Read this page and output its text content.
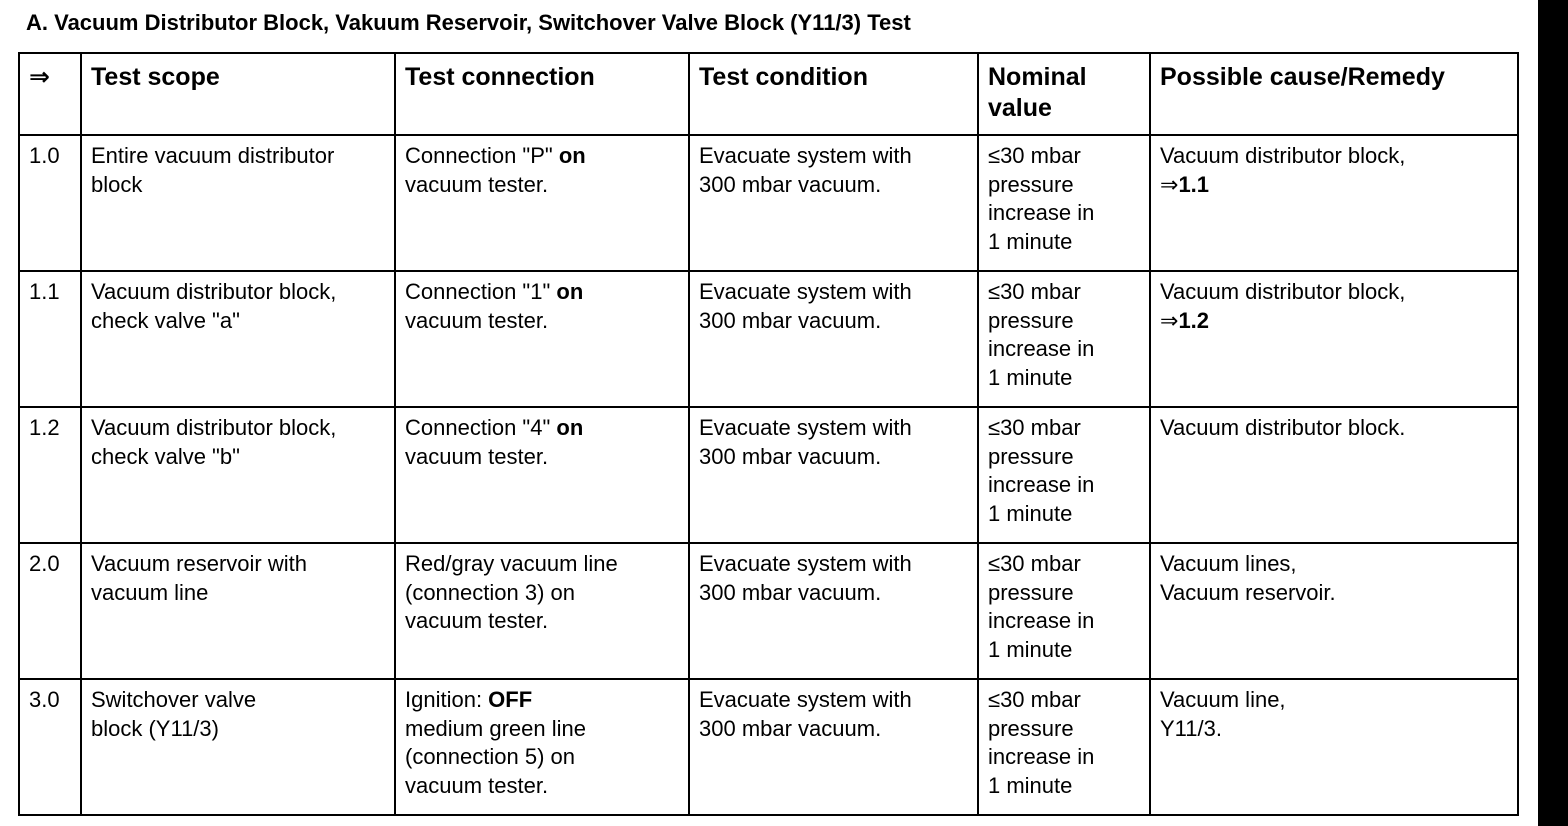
A. Vacuum Distributor Block, Vakuum Reservoir, Switchover Valve Block (Y11/3) Test
⇒	Test scope	Test connection	Test condition	Nominal
value	Possible cause/Remedy
1.0	Entire vacuum distributor
block	Connection "P" on
vacuum tester.	Evacuate system with
300 mbar vacuum.	≤30 mbar
pressure
increase in
1 minute	Vacuum distributor block,
⇒1.1

1.1	Vacuum distributor block,
check valve "a"	Connection "1" on
vacuum tester.	Evacuate system with
300 mbar vacuum.	≤30 mbar
pressure
increase in
1 minute	Vacuum distributor block,
⇒1.2

1.2	Vacuum distributor block,
check valve "b"	Connection "4" on
vacuum tester.	Evacuate system with
300 mbar vacuum.	≤30 mbar
pressure
increase in
1 minute	Vacuum distributor block.

2.0	Vacuum reservoir with
vacuum line	Red/gray vacuum line
(connection 3) on
vacuum tester.	Evacuate system with
300 mbar vacuum.	≤30 mbar
pressure
increase in
1 minute	Vacuum lines,
Vacuum reservoir.

3.0	Switchover valve
block (Y11/3)	Ignition: OFF
medium green line
(connection 5) on
vacuum tester.	Evacuate system with
300 mbar vacuum.	≤30 mbar
pressure
increase in
1 minute	Vacuum line,
Y11/3.
